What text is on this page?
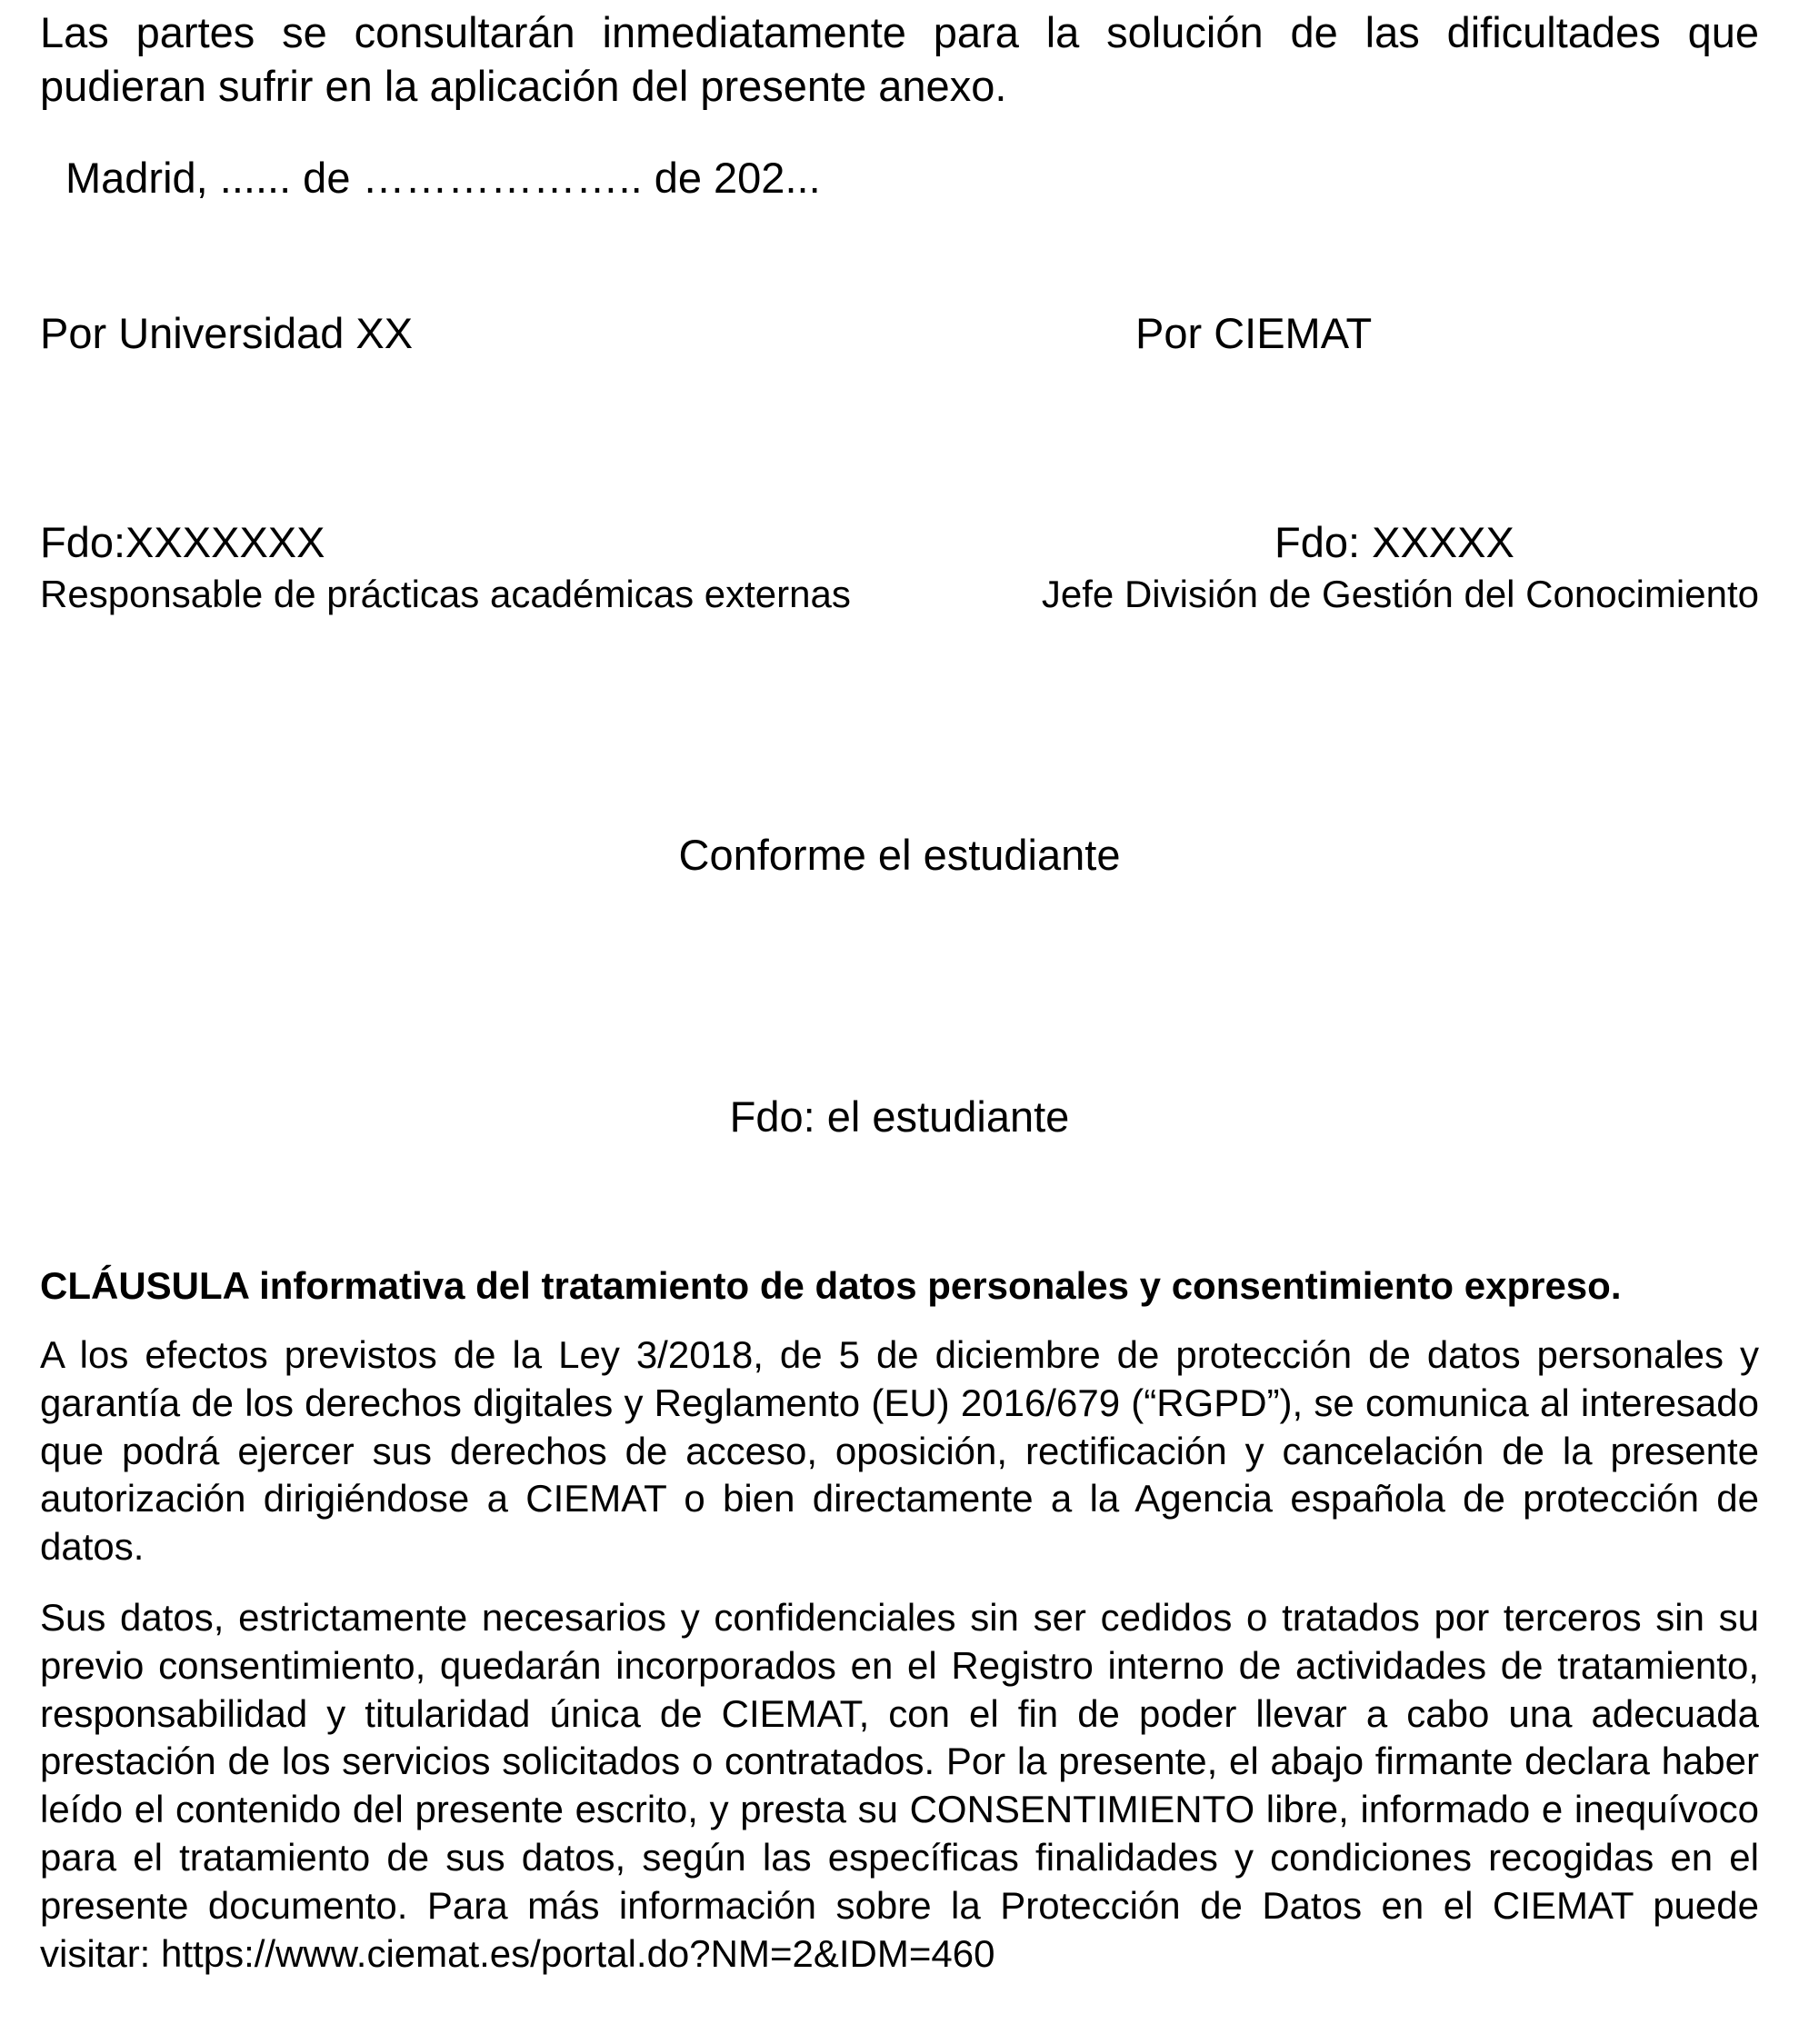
Las partes se consultarán inmediatamente para la solución de las dificultades que pudieran sufrir en la aplicación del presente anexo.

Madrid, ...... de ……………….. de 202...
Por Universidad XX	Por CIEMAT
Fdo:XXXXXXX	Fdo: XXXXX
Responsable de prácticas académicas externas	Jefe División de Gestión del Conocimiento
Conforme el estudiante
Fdo: el estudiante
CLÁUSULA informativa del tratamiento de datos personales y consentimiento expreso.

A los efectos previstos de la Ley 3/2018, de 5 de diciembre de protección de datos personales y garantía de los derechos digitales y Reglamento (EU) 2016/679 (“RGPD”), se comunica al interesado que podrá ejercer sus derechos de acceso, oposición, rectificación y cancelación de la presente autorización dirigiéndose a CIEMAT o bien directamente a la Agencia española de protección de datos.

Sus datos, estrictamente necesarios y confidenciales sin ser cedidos o tratados por terceros sin su previo consentimiento, quedarán incorporados en el Registro interno de actividades de tratamiento, responsabilidad y titularidad única de CIEMAT, con el fin de poder llevar a cabo una adecuada prestación de los servicios solicitados o contratados. Por la presente, el abajo firmante declara haber leído el contenido del presente escrito, y presta su CONSENTIMIENTO libre, informado e inequívoco para el tratamiento de sus datos, según las específicas finalidades y condiciones recogidas en el presente documento. Para más información sobre la Protección de Datos en el CIEMAT puede visitar: https://www.ciemat.es/portal.do?NM=2&IDM=460
